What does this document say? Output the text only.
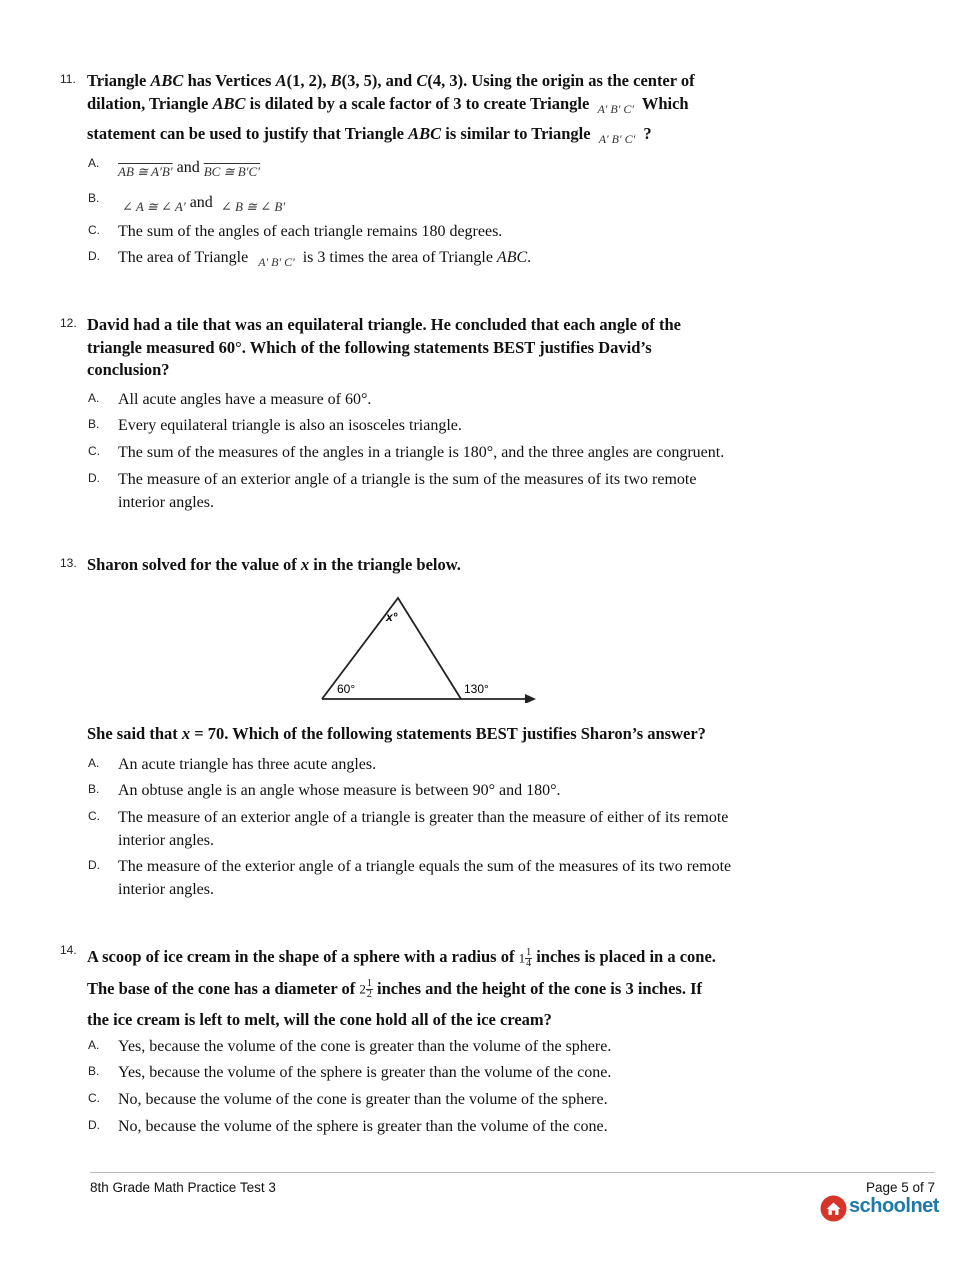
11. Triangle ABC has Vertices A(1, 2), B(3, 5), and C(4, 3). Using the origin as the center of
dilation, Triangle ABC is dilated by a scale factor of 3 to create Triangle A′ B′ C′ Which
statement can be used to justify that Triangle ABC is similar to Triangle A′ B′ C′ ?
A.
AB ≅ A′B′ and BC ≅ B′C′
B.
∠ A ≅ ∠ A′ and ∠ B ≅ ∠ B′
C. The sum of the angles of each triangle remains 180 degrees.
D. The area of Triangle A′ B′ C′ is 3 times the area of Triangle ABC.
12. David had a tile that was an equilateral triangle. He concluded that each angle of the triangle measured 60°. Which of the following statements BEST justifies David’s conclusion?
A. All acute angles have a measure of 60°.
B. Every equilateral triangle is also an isosceles triangle.
C. The sum of the measures of the angles in a triangle is 180°, and the three angles are congruent.
D. The measure of an exterior angle of a triangle is the sum of the measures of its two remote interior angles.
13. Sharon solved for the value of x in the triangle below.
x°
60°	130°
She said that x = 70. Which of the following statements BEST justifies Sharon’s answer?
A. An acute triangle has three acute angles.
B. An obtuse angle is an angle whose measure is between 90° and 180°.
C. The measure of an exterior angle of a triangle is greater than the measure of either of its remote interior angles.
D. The measure of the exterior angle of a triangle equals the sum of the measures of its two remote interior angles.
14. A scoop of ice cream in the shape of a sphere with a radius of $1 \frac{1}{4}$ inches is placed in a cone.
The base of the cone has a diameter of $2 \frac{1}{2}$ inches and the height of the cone is 3 inches. If
the ice cream is left to melt, will the cone hold all of the ice cream?
A. Yes, because the volume of the cone is greater than the volume of the sphere.
B. Yes, because the volume of the sphere is greater than the volume of the cone.
C. No, because the volume of the cone is greater than the volume of the sphere.
D. No, because the volume of the sphere is greater than the volume of the cone.
8th Grade Math Practice Test 3	Page 5 of 7
schoolnet
